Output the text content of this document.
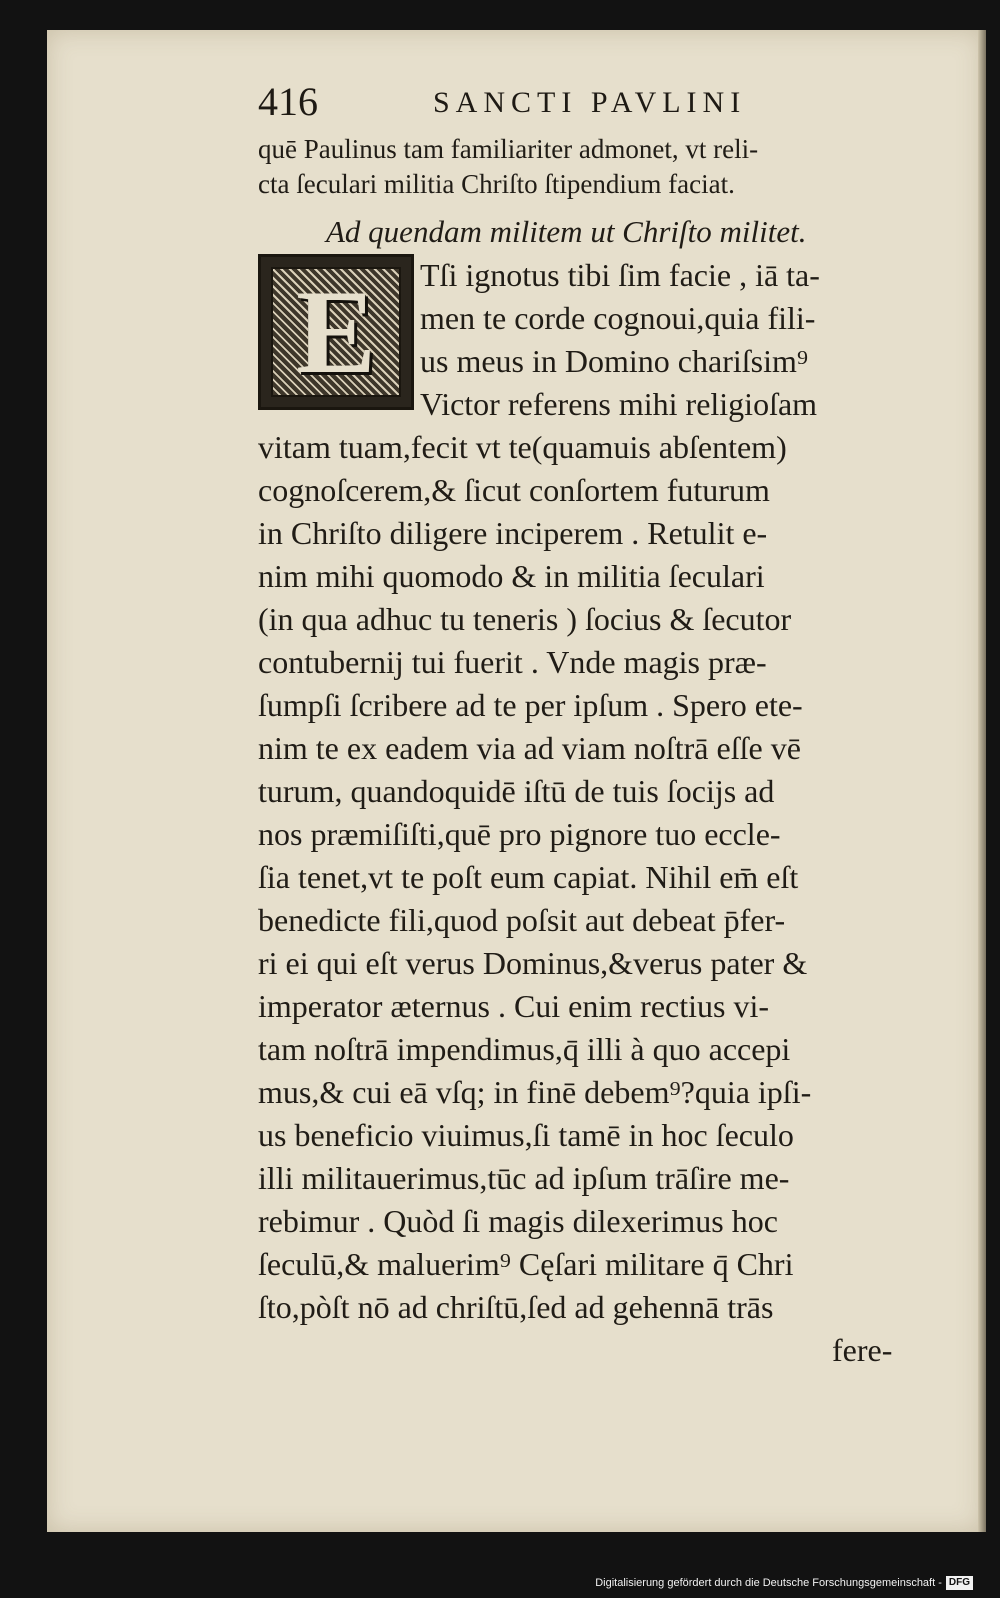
416	SANCTI PAVLINI
quē Paulinus tam familiariter admonet, vt reli-
cta ſeculari militia Chriſto ſtipendium faciat.
Ad quendam militem ut Chriſto militet.
E	Tſi ignotus tibi ſim facie , iā ta-
men te corde cognoui,quia fili-
us meus in Domino chariſsim⁹
Victor referens mihi religioſam
vitam tuam,fecit vt te(quamuis abſentem)
cognoſcerem,& ſicut conſortem futurum
in Chriſto diligere inciperem . Retulit e-
nim mihi quomodo & in militia ſeculari
(in qua adhuc tu teneris ) ſocius & ſecutor
contubernij tui fuerit . Vnde magis præ-
ſumpſi ſcribere ad te per ipſum . Spero ete-
nim te ex eadem via ad viam noſtrā eſſe vē
turum, quandoquidē iſtū de tuis ſocijs ad
nos præmiſiſti,quē pro pignore tuo eccle-
ſia tenet,vt te poſt eum capiat. Nihil em̄ eſt
benedicte fili,quod poſsit aut debeat p̄fer-
ri ei qui eſt verus Dominus,&verus pater &
imperator æternus . Cui enim rectius vi-
tam noſtrā impendimus,q̄ illi à quo accepi
mus,& cui eā vſq; in finē debem⁹?quia ipſi-
us beneficio viuimus,ſi tamē in hoc ſeculo
illi militauerimus,tūc ad ipſum trāſire me-
rebimur . Quòd ſi magis dilexerimus hoc
ſeculū,& maluerim⁹ Cęſari militare q̄ Chri
ſto,pòſt nō ad chriſtū,ſed ad gehennā trās
fere-
Digitalisierung gefördert durch die Deutsche Forschungsgemeinschaft - DFG
